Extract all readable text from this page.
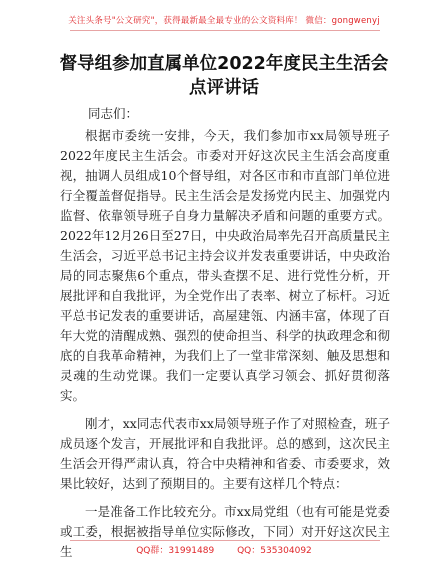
关注头条号"公文研究"，获得最新最全最专业的公文资料库！ 微信：gongwenyj
督导组参加直属单位2022年度民主生活会点评讲话
同志们：

根据市委统一安排，今天，我们参加市xx局领导班子2022年度民主生活会。市委对开好这次民主生活会高度重视，抽调人员组成10个督导组，对各区市和市直部门单位进行全覆盖督促指导。民主生活会是发扬党内民主、加强党内监督、依靠领导班子自身力量解决矛盾和问题的重要方式。2022年12月26日至27日，中央政治局率先召开高质量民主生活会，习近平总书记主持会议并发表重要讲话，中央政治局的同志聚焦6个重点，带头查摆不足、进行党性分析，开展批评和自我批评，为全党作出了表率、树立了标杆。习近平总书记发表的重要讲话，高屋建瓴、内涵丰富，体现了百年大党的清醒成熟、强烈的使命担当、科学的执政理念和彻底的自我革命精神，为我们上了一堂非常深刻、触及思想和灵魂的生动党课。我们一定要认真学习领会、抓好贯彻落实。

刚才，xx同志代表市xx局领导班子作了对照检查，班子成员逐个发言，开展批评和自我批评。总的感到，这次民主生活会开得严肃认真，符合中央精神和省委、市委要求，效果比较好，达到了预期目的。主要有这样几个特点：

一是准备工作比较充分。市xx局党组（也有可能是党委或工委，根据被指导单位实际修改，下同）对开好这次民主生	QQ群：31991489	QQ：535304092
